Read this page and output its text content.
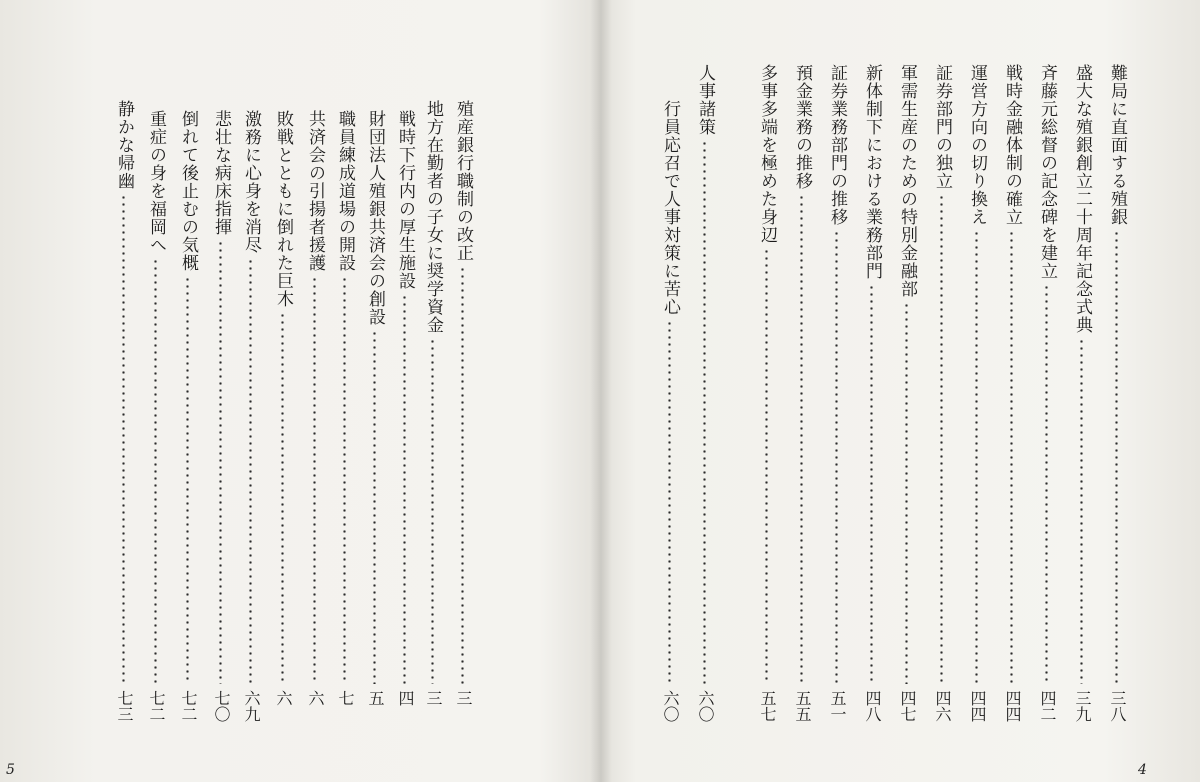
5
殖産銀行職制の改正
三
地方在勤者の子女に奨学資金
三
戦時下行内の厚生施設
四
財団法人殖銀共済会の創設
五
職員練成道場の開設
七
共済会の引揚者援護
六
敗戦とともに倒れた巨木
六
激務に心身を消尽
六九
悲壮な病床指揮
七〇
倒れて後止むの気概
七二
重症の身を福岡へ
七二
静かな帰幽
七三
4
難局に直面する殖銀
三八
盛大な殖銀創立二十周年記念式典
三九
斉藤元総督の記念碑を建立
四二
戦時金融体制の確立
四四
運営方向の切り換え
四四
証券部門の独立
四六
軍需生産のための特別金融部
四七
新体制下における業務部門
四八
証券業務部門の推移
五一
預金業務の推移
五五
多事多端を極めた身辺
五七
人事諸策
六〇
行員応召で人事対策に苦心
六〇
